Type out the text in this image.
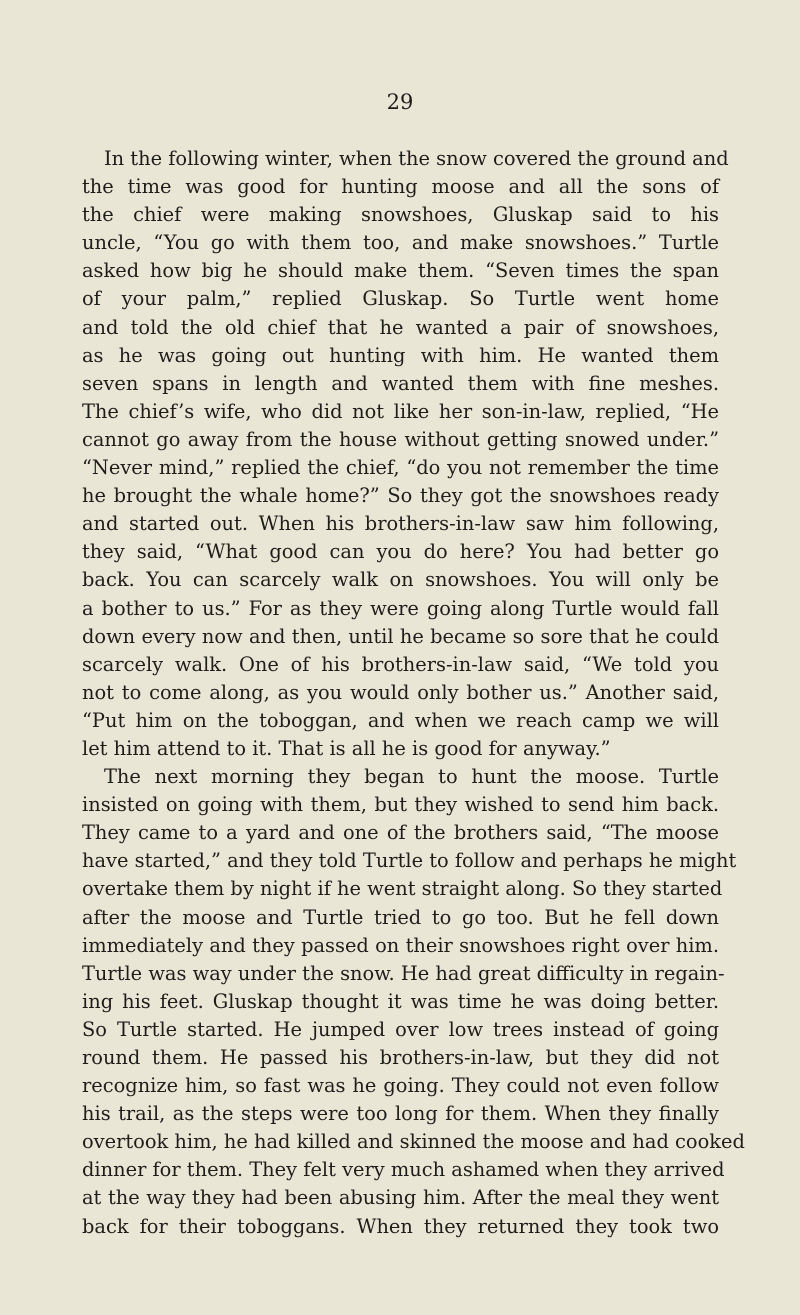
29
In the following winter, when the snow covered the ground and
the time was good for hunting moose and all the sons of
the chief were making snowshoes, Gluskap said to his
uncle, “You go with them too, and make snowshoes.” Turtle
asked how big he should make them. “Seven times the span
of your palm,” replied Gluskap. So Turtle went home
and told the old chief that he wanted a pair of snowshoes,
as he was going out hunting with him. He wanted them
seven spans in length and wanted them with fine meshes.
The chief’s wife, who did not like her son-in-law, replied, “He
cannot go away from the house without getting snowed under.”
“Never mind,” replied the chief, “do you not remember the time
he brought the whale home?” So they got the snowshoes ready
and started out. When his brothers-in-law saw him following,
they said, “What good can you do here? You had better go
back. You can scarcely walk on snowshoes. You will only be
a bother to us.” For as they were going along Turtle would fall
down every now and then, until he became so sore that he could
scarcely walk. One of his brothers-in-law said, “We told you
not to come along, as you would only bother us.” Another said,
“Put him on the toboggan, and when we reach camp we will
let him attend to it. That is all he is good for anyway.”
The next morning they began to hunt the moose. Turtle
insisted on going with them, but they wished to send him back.
They came to a yard and one of the brothers said, “The moose
have started,” and they told Turtle to follow and perhaps he might
overtake them by night if he went straight along. So they started
after the moose and Turtle tried to go too. But he fell down
immediately and they passed on their snowshoes right over him.
Turtle was way under the snow. He had great difficulty in regain-
ing his feet. Gluskap thought it was time he was doing better.
So Turtle started. He jumped over low trees instead of going
round them. He passed his brothers-in-law, but they did not
recognize him, so fast was he going. They could not even follow
his trail, as the steps were too long for them. When they finally
overtook him, he had killed and skinned the moose and had cooked
dinner for them. They felt very much ashamed when they arrived
at the way they had been abusing him. After the meal they went
back for their toboggans. When they returned they took two
